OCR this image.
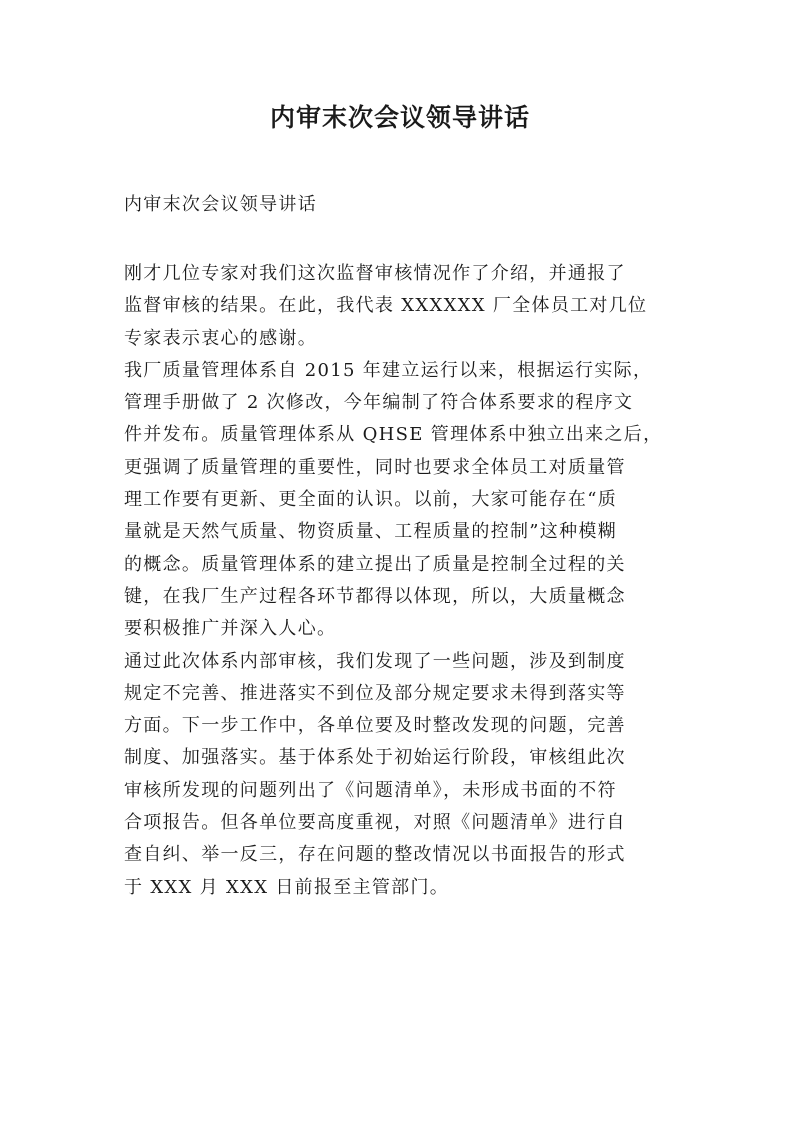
内审末次会议领导讲话

内审末次会议领导讲话

刚才几位专家对我们这次监督审核情况作了介绍，并通报了
监督审核的结果。在此，我代表 XXXXXX 厂全体员工对几位
专家表示衷心的感谢。

我厂质量管理体系自 2015 年建立运行以来，根据运行实际，
管理手册做了 2 次修改，今年编制了符合体系要求的程序文
件并发布。质量管理体系从 QHSE 管理体系中独立出来之后，
更强调了质量管理的重要性，同时也要求全体员工对质量管
理工作要有更新、更全面的认识。以前，大家可能存在“质
量就是天然气质量、物资质量、工程质量的控制”这种模糊
的概念。质量管理体系的建立提出了质量是控制全过程的关
键，在我厂生产过程各环节都得以体现，所以，大质量概念
要积极推广并深入人心。

通过此次体系内部审核，我们发现了一些问题，涉及到制度
规定不完善、推进落实不到位及部分规定要求未得到落实等
方面。下一步工作中，各单位要及时整改发现的问题，完善
制度、加强落实。基于体系处于初始运行阶段，审核组此次
审核所发现的问题列出了《问题清单》，未形成书面的不符
合项报告。但各单位要高度重视，对照《问题清单》进行自
查自纠、举一反三，存在问题的整改情况以书面报告的形式
于 XXX 月 XXX 日前报至主管部门。
